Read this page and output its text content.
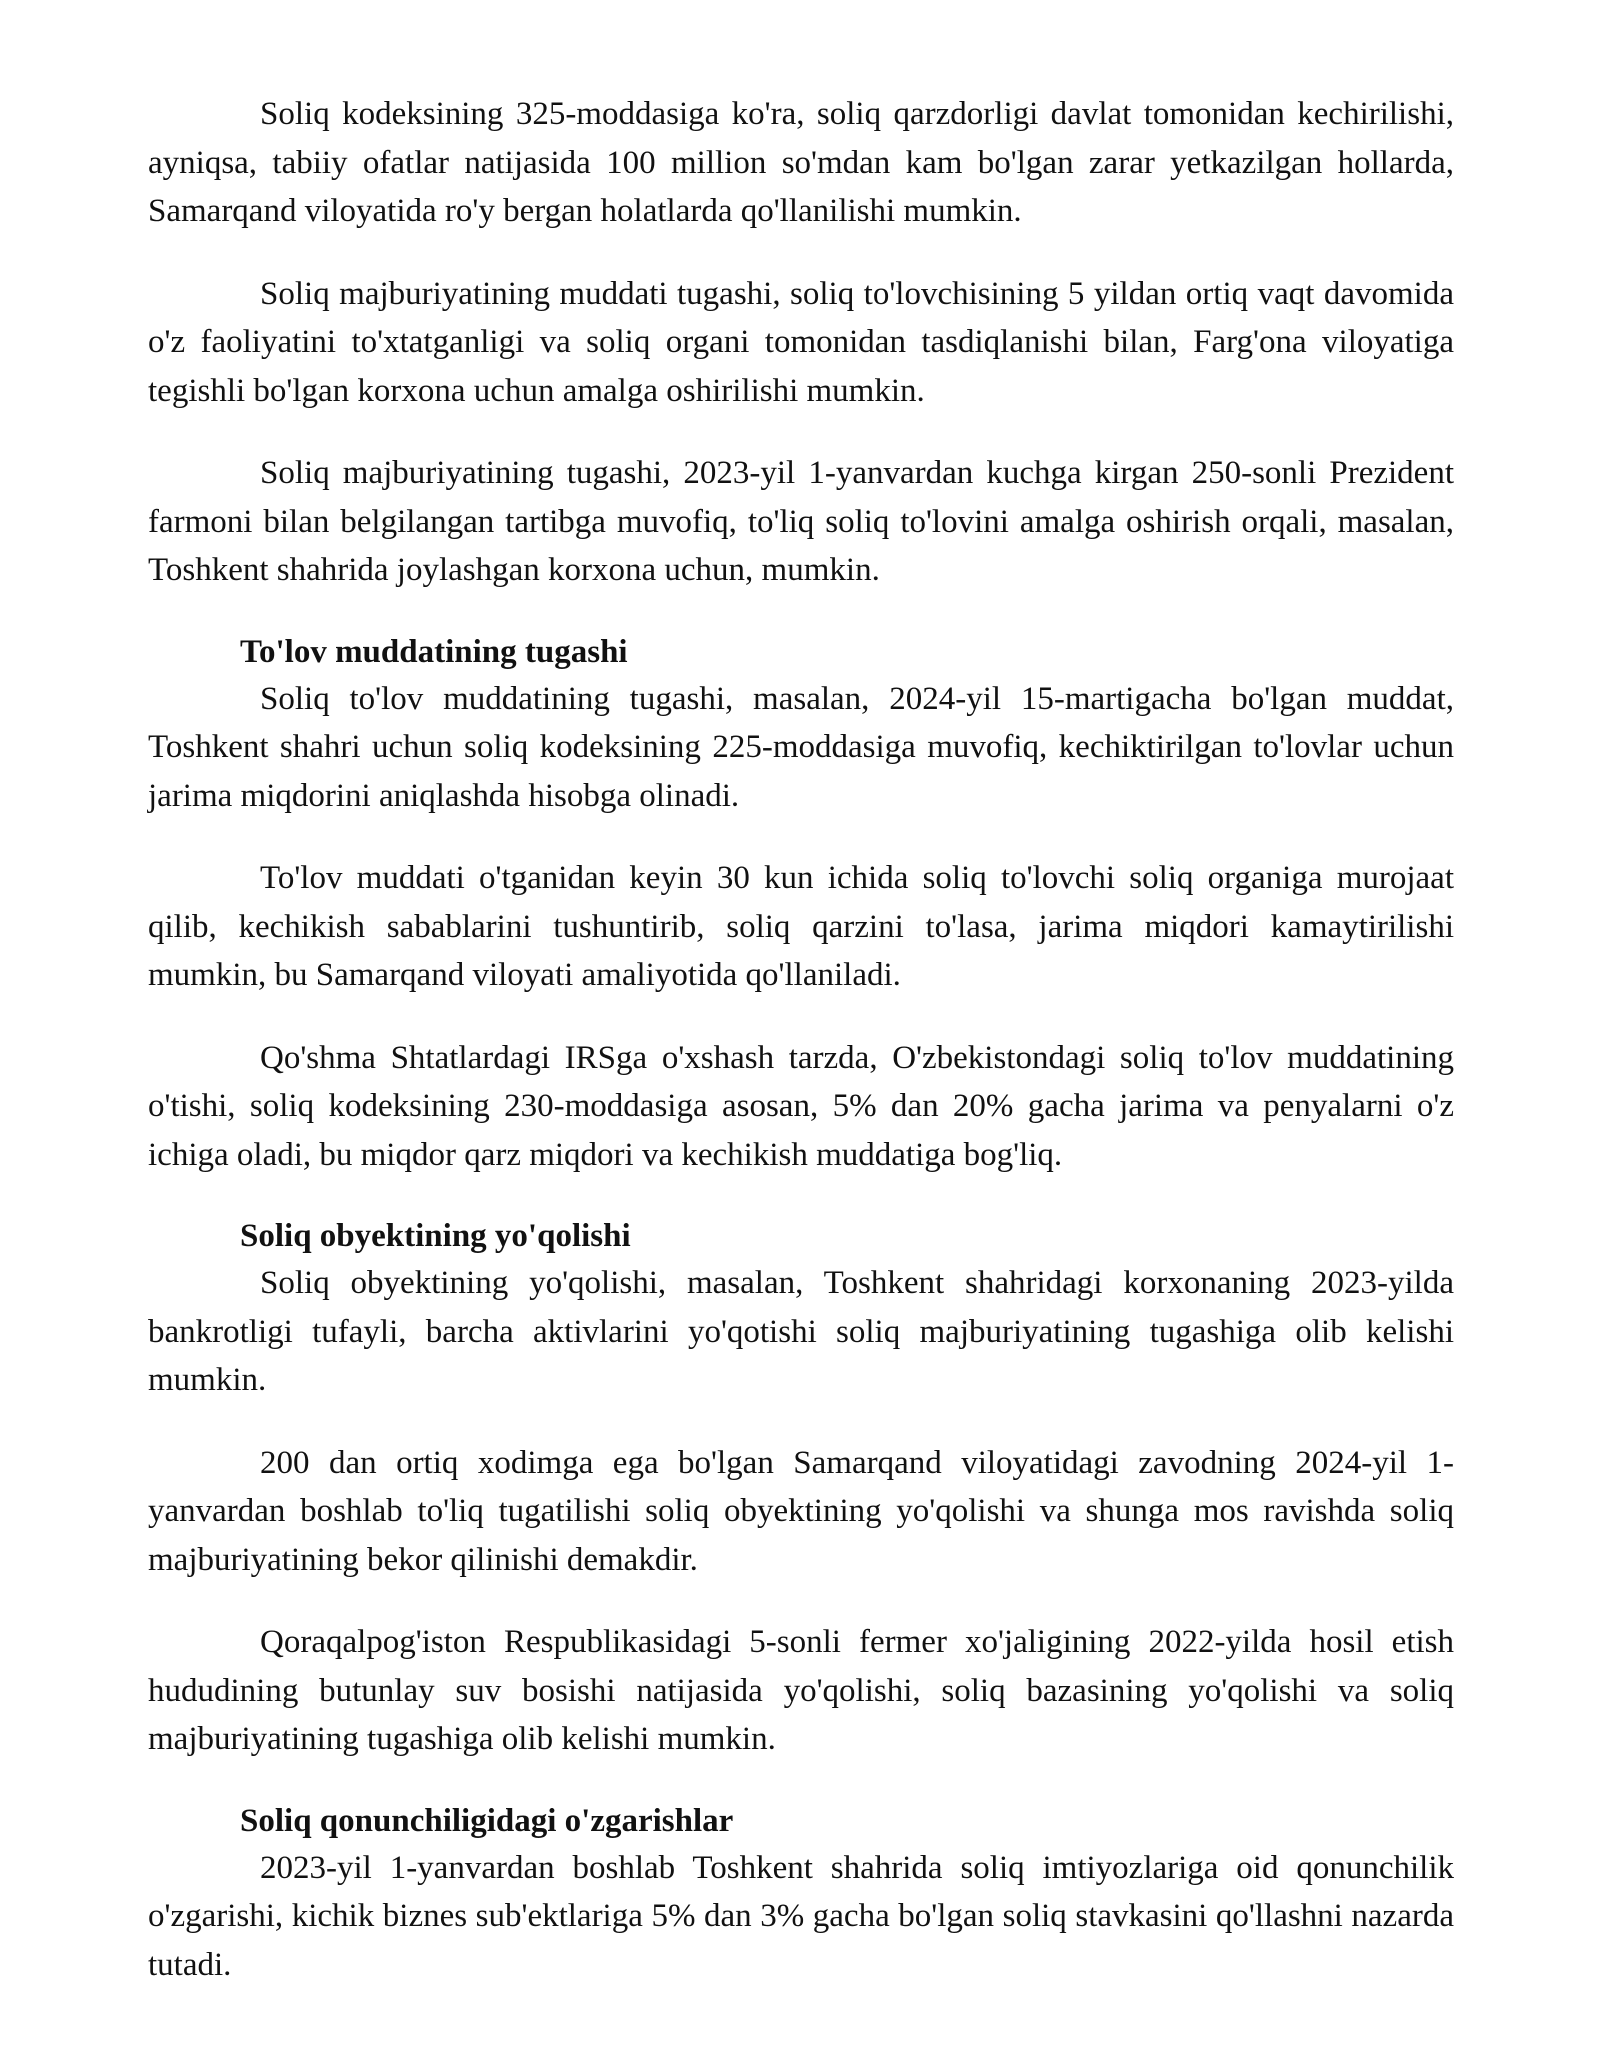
Soliq kodeksining 325-moddasiga ko'ra, soliq qarzdorligi davlat tomonidan kechirilishi, ayniqsa, tabiiy ofatlar natijasida 100 million so'mdan kam bo'lgan zarar yetkazilgan hollarda, Samarqand viloyatida ro'y bergan holatlarda qo'llanilishi mumkin.

Soliq majburiyatining muddati tugashi, soliq to'lovchisining 5 yildan ortiq vaqt davomida o'z faoliyatini to'xtatganligi va soliq organi tomonidan tasdiqlanishi bilan, Farg'ona viloyatiga tegishli bo'lgan korxona uchun amalga oshirilishi mumkin.

Soliq majburiyatining tugashi, 2023-yil 1-yanvardan kuchga kirgan 250-sonli Prezident farmoni bilan belgilangan tartibga muvofiq, to'liq soliq to'lovini amalga oshirish orqali, masalan, Toshkent shahrida joylashgan korxona uchun, mumkin.

To'lov muddatining tugashi

Soliq to'lov muddatining tugashi, masalan, 2024-yil 15-martigacha bo'lgan muddat, Toshkent shahri uchun soliq kodeksining 225-moddasiga muvofiq, kechiktirilgan to'lovlar uchun jarima miqdorini aniqlashda hisobga olinadi.

To'lov muddati o'tganidan keyin 30 kun ichida soliq to'lovchi soliq organiga murojaat qilib, kechikish sabablarini tushuntirib, soliq qarzini to'lasa, jarima miqdori kamaytirilishi mumkin, bu Samarqand viloyati amaliyotida qo'llaniladi.

Qo'shma Shtatlardagi IRSga o'xshash tarzda, O'zbekistondagi soliq to'lov muddatining o'tishi, soliq kodeksining 230-moddasiga asosan, 5% dan 20% gacha jarima va penyalarni o'z ichiga oladi, bu miqdor qarz miqdori va kechikish muddatiga bog'liq.

Soliq obyektining yo'qolishi

Soliq obyektining yo'qolishi, masalan, Toshkent shahridagi korxonaning 2023-yilda bankrotligi tufayli, barcha aktivlarini yo'qotishi soliq majburiyatining tugashiga olib kelishi mumkin.

200 dan ortiq xodimga ega bo'lgan Samarqand viloyatidagi zavodning 2024-yil 1-yanvardan boshlab to'liq tugatilishi soliq obyektining yo'qolishi va shunga mos ravishda soliq majburiyatining bekor qilinishi demakdir.

Qoraqalpog'iston Respublikasidagi 5-sonli fermer xo'jaligining 2022-yilda hosil etish hududining butunlay suv bosishi natijasida yo'qolishi, soliq bazasining yo'qolishi va soliq majburiyatining tugashiga olib kelishi mumkin.

Soliq qonunchiligidagi o'zgarishlar

2023-yil 1-yanvardan boshlab Toshkent shahrida soliq imtiyozlariga oid qonunchilik o'zgarishi, kichik biznes sub'ektlariga 5% dan 3% gacha bo'lgan soliq stavkasini qo'llashni nazarda tutadi.
